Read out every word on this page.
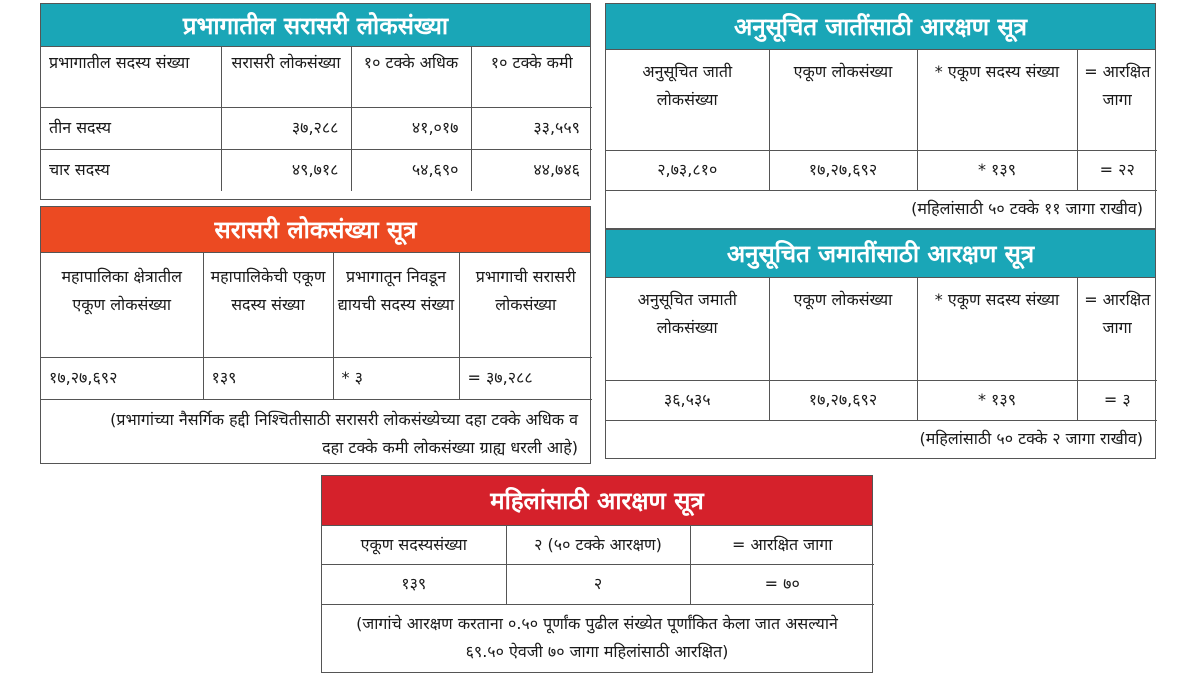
प्रभागातील सरासरी लोकसंख्या
प्रभागातील सदस्य संख्या	सरासरी लोकसंख्या	१० टक्के अधिक	१० टक्के कमी
तीन सदस्य	३७,२८८	४१,०१७	३३,५५९
चार सदस्य	४९,७१८	५४,६९०	४४,७४६
सरासरी लोकसंख्या सूत्र
महापालिका क्षेत्रातील एकूण लोकसंख्या	महापालिकेची एकूण सदस्य संख्या	प्रभागातून निवडून द्यायची सदस्य संख्या	प्रभागाची सरासरी लोकसंख्या
१७,२७,६९२	१३९	* ३	= ३७,२८८
(प्रभागांच्या नैसर्गिक हद्दी निश्चितीसाठी सरासरी लोकसंख्येच्या दहा टक्के अधिक व दहा टक्के कमी लोकसंख्या ग्राह्य धरली आहे)
अनुसूचित जातींसाठी आरक्षण सूत्र
अनुसूचित जाती लोकसंख्या	एकूण लोकसंख्या	* एकूण सदस्य संख्या	= आरक्षित जागा
२,७३,८१०	१७,२७,६९२	* १३९	= २२
(महिलांसाठी ५० टक्के ११ जागा राखीव)
अनुसूचित जमातींसाठी आरक्षण सूत्र
अनुसूचित जमाती लोकसंख्या	एकूण लोकसंख्या	* एकूण सदस्य संख्या	= आरक्षित जागा
३६,५३५	१७,२७,६९२	* १३९	= ३
(महिलांसाठी ५० टक्के २ जागा राखीव)
महिलांसाठी आरक्षण सूत्र
एकूण सदस्यसंख्या	२ (५० टक्के आरक्षण)	= आरक्षित जागा
१३९	२	= ७०
(जागांचे आरक्षण करताना ०.५० पूर्णांक पुढील संख्येत पूर्णांकित केला जात असल्याने ६९.५० ऐवजी ७० जागा महिलांसाठी आरक्षित)
